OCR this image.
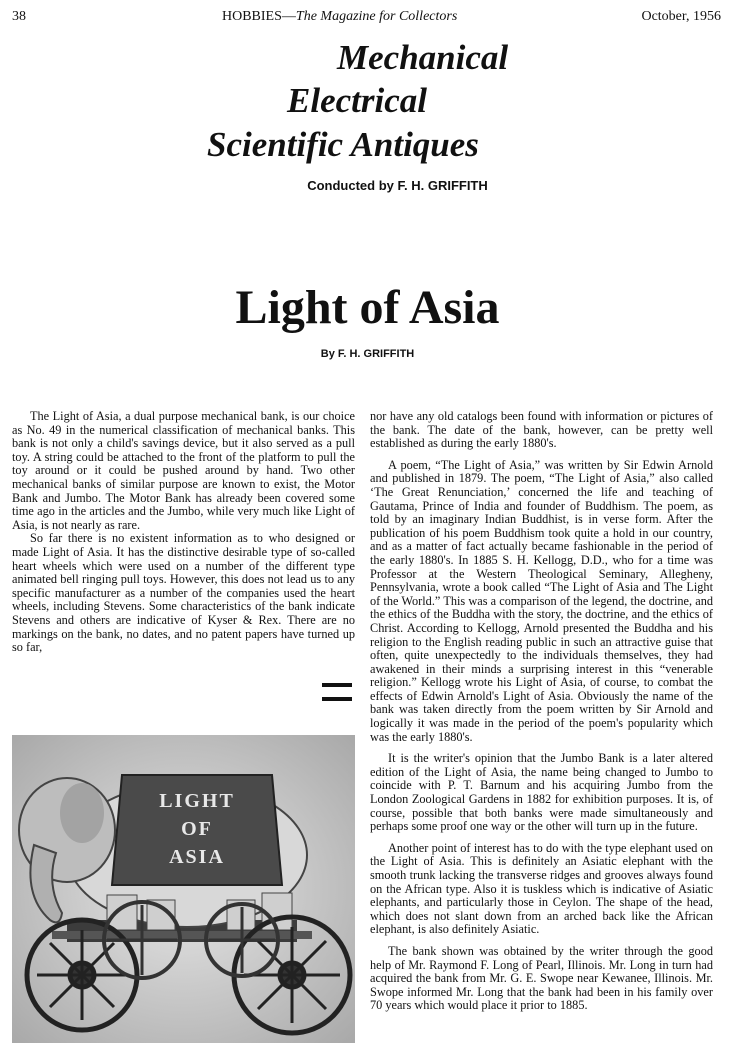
38	HOBBIES—The Magazine for Collectors	October, 1956
Mechanical
Electrical
Scientific Antiques
Conducted by F. H. GRIFFITH
Light of Asia
By F. H. GRIFFITH

The Light of Asia, a dual purpose mechanical bank, is our choice as No. 49 in the numerical classification of mechanical banks. This bank is not only a child's savings device, but it also served as a pull toy. A string could be attached to the front of the platform to pull the toy around or it could be pushed around by hand. Two other mechanical banks of similar purpose are known to exist, the Motor Bank and Jumbo. The Motor Bank has already been covered some time ago in the articles and the Jumbo, while very much like Light of Asia, is not nearly as rare.

So far there is no existent information as to who designed or made Light of Asia. It has the distinctive desirable type of so-called heart wheels which were used on a number of the different type animated bell ringing pull toys. However, this does not lead us to any specific manufacturer as a number of the companies used the heart wheels, including Stevens. Some characteristics of the bank indicate Stevens and others are indicative of Kyser & Rex. There are no markings on the bank, no dates, and no patent papers have turned up so far,

LIGHT
OF
ASIA

nor have any old catalogs been found with information or pictures of the bank. The date of the bank, however, can be pretty well established as during the early 1880's.

A poem, “The Light of Asia,” was written by Sir Edwin Arnold and published in 1879. The poem, “The Light of Asia,” also called ‘The Great Renunciation,’ concerned the life and teaching of Gautama, Prince of India and founder of Buddhism. The poem, as told by an imaginary Indian Buddhist, is in verse form. After the publication of his poem Buddhism took quite a hold in our country, and as a matter of fact actually became fashionable in the period of the early 1880's. In 1885 S. H. Kellogg, D.D., who for a time was Professor at the Western Theological Seminary, Allegheny, Pennsylvania, wrote a book called “The Light of Asia and The Light of the World.” This was a comparison of the legend, the doctrine, and the ethics of the Buddha with the story, the doctrine, and the ethics of Christ. According to Kellogg, Arnold presented the Buddha and his religion to the English reading public in such an attractive guise that often, quite unexpectedly to the individuals themselves, they had awakened in their minds a surprising interest in this “venerable religion.” Kellogg wrote his Light of Asia, of course, to combat the effects of Edwin Arnold's Light of Asia. Obviously the name of the bank was taken directly from the poem written by Sir Arnold and logically it was made in the period of the poem's popularity which was the early 1880's.

It is the writer's opinion that the Jumbo Bank is a later altered edition of the Light of Asia, the name being changed to Jumbo to coincide with P. T. Barnum and his acquiring Jumbo from the London Zoological Gardens in 1882 for exhibition purposes. It is, of course, possible that both banks were made simultaneously and perhaps some proof one way or the other will turn up in the future.

Another point of interest has to do with the type elephant used on the Light of Asia. This is definitely an Asiatic elephant with the smooth trunk lacking the transverse ridges and grooves always found on the African type. Also it is tuskless which is indicative of Asiatic elephants, and particularly those in Ceylon. The shape of the head, which does not slant down from an arched back like the African elephant, is also definitely Asiatic.

The bank shown was obtained by the writer through the good help of Mr. Raymond F. Long of Pearl, Illinois. Mr. Long in turn had acquired the bank from Mr. G. E. Swope near Kewanee, Illinois. Mr. Swope informed Mr. Long that the bank had been in his family over 70 years which would place it prior to 1885.
